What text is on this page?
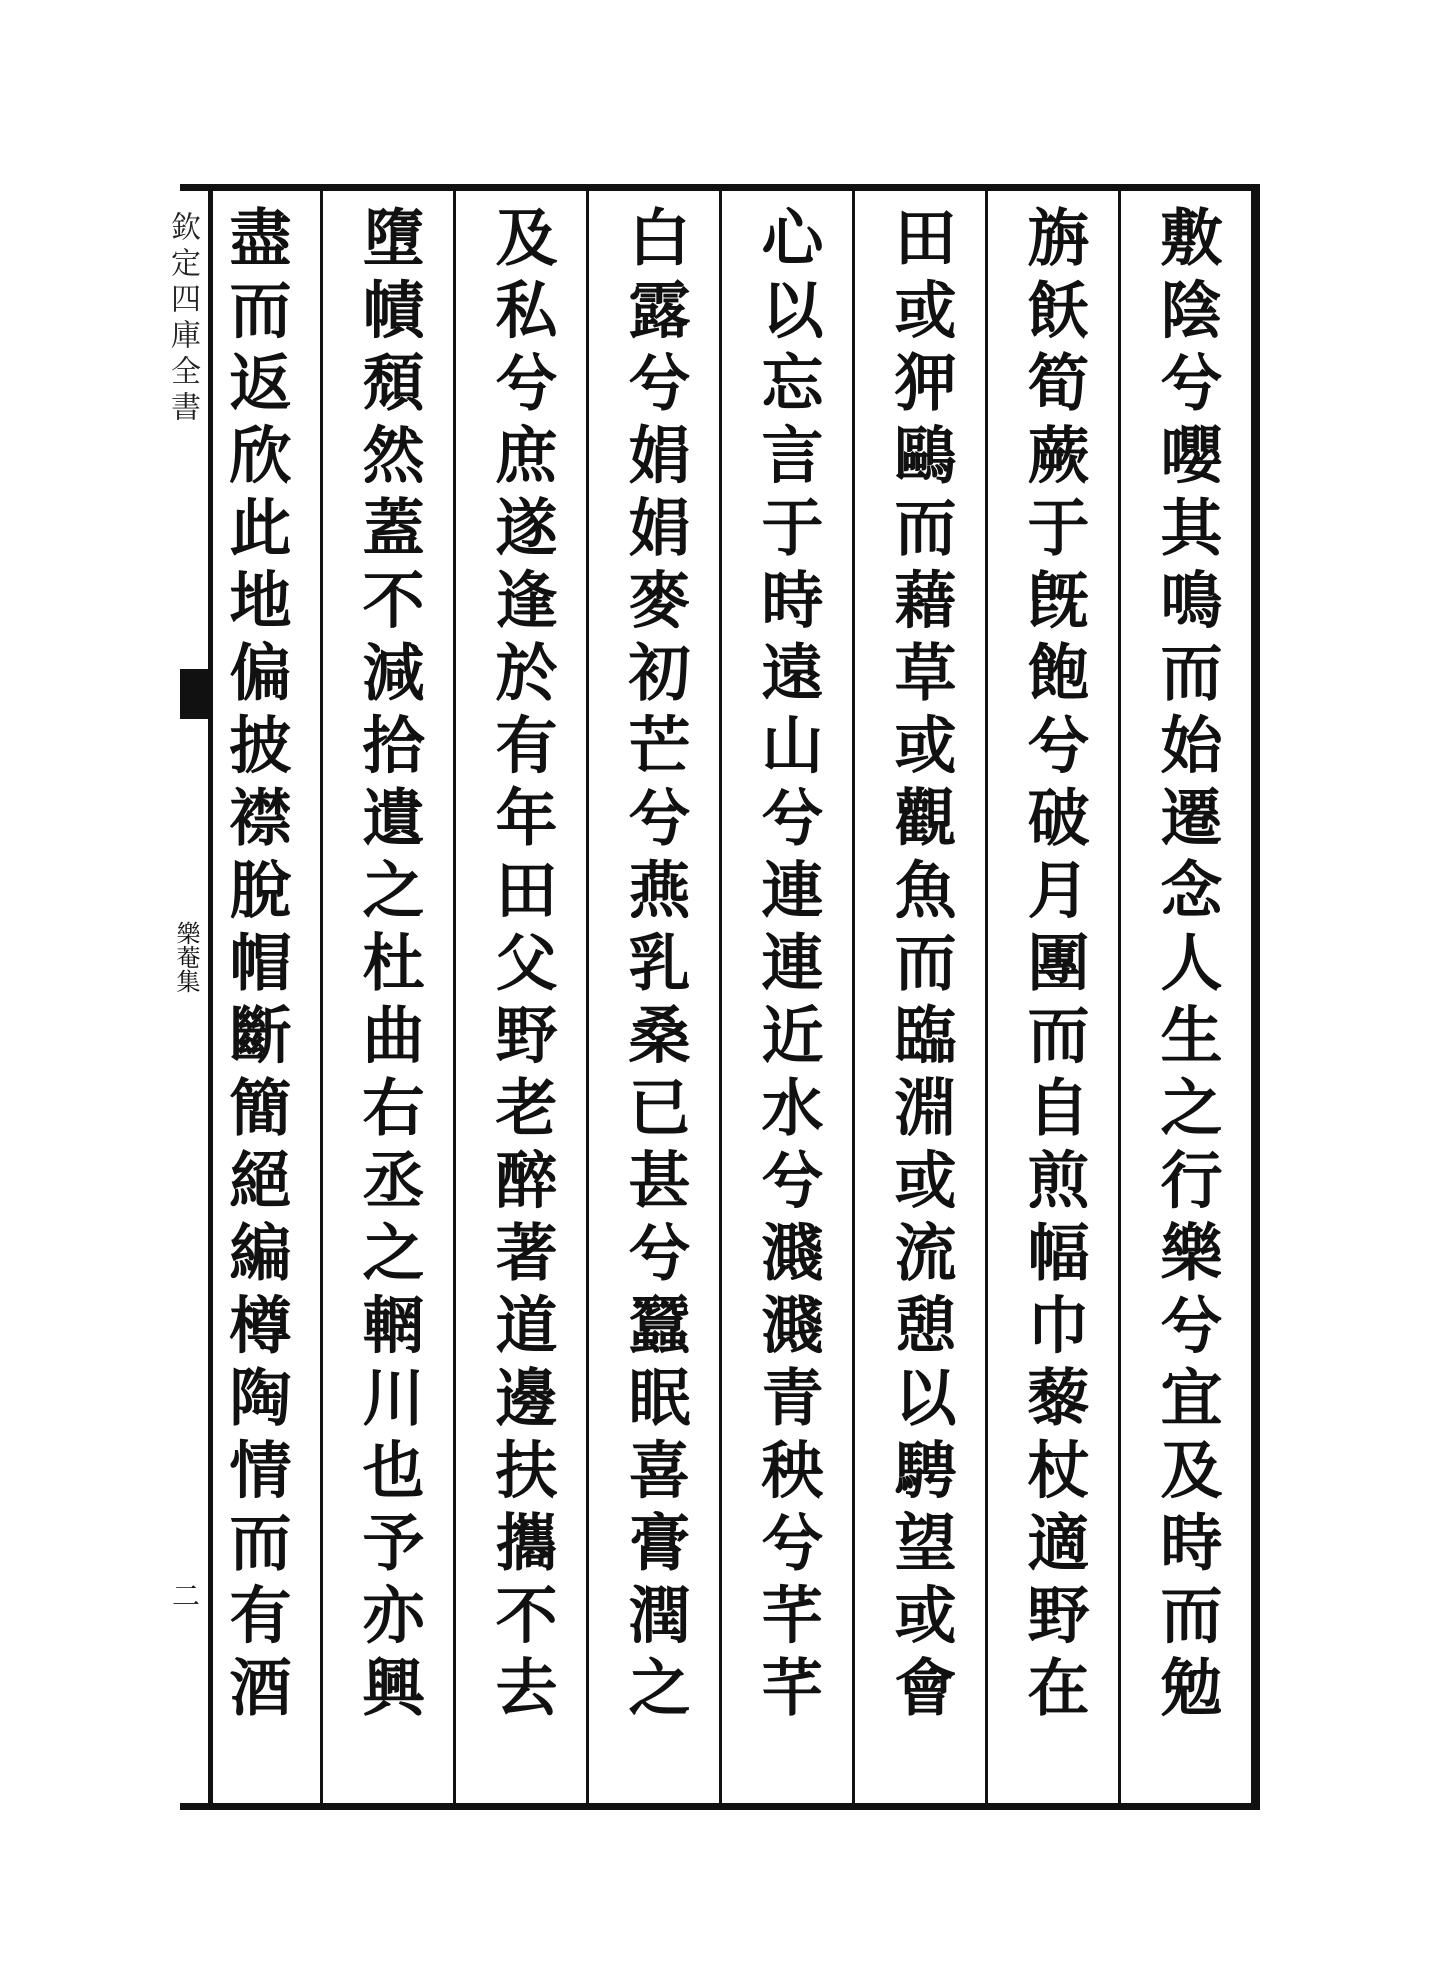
欽定四庫全書
樂菴集
二	敷陰兮嚶其鳴而始遷念人生之行樂兮宜及時而勉
旃飫筍蕨于旣飽兮破月團而自煎幅巾藜杖適野在
田或狎鷗而藉草或觀魚而臨淵或流憩以騁望或會
心以忘言于時遠山兮連連近水兮濺濺青秧兮芊芊
白露兮娟娟麥初芒兮燕乳桑已甚兮蠶眠喜膏潤之
及私兮庶遂逢於有年田父野老醉著道邊扶攜不去
墮幘頹然蓋不減拾遺之杜曲右丞之輞川也予亦興
盡而返欣此地偏披襟脫帽斷簡絕編樽陶情而有酒
